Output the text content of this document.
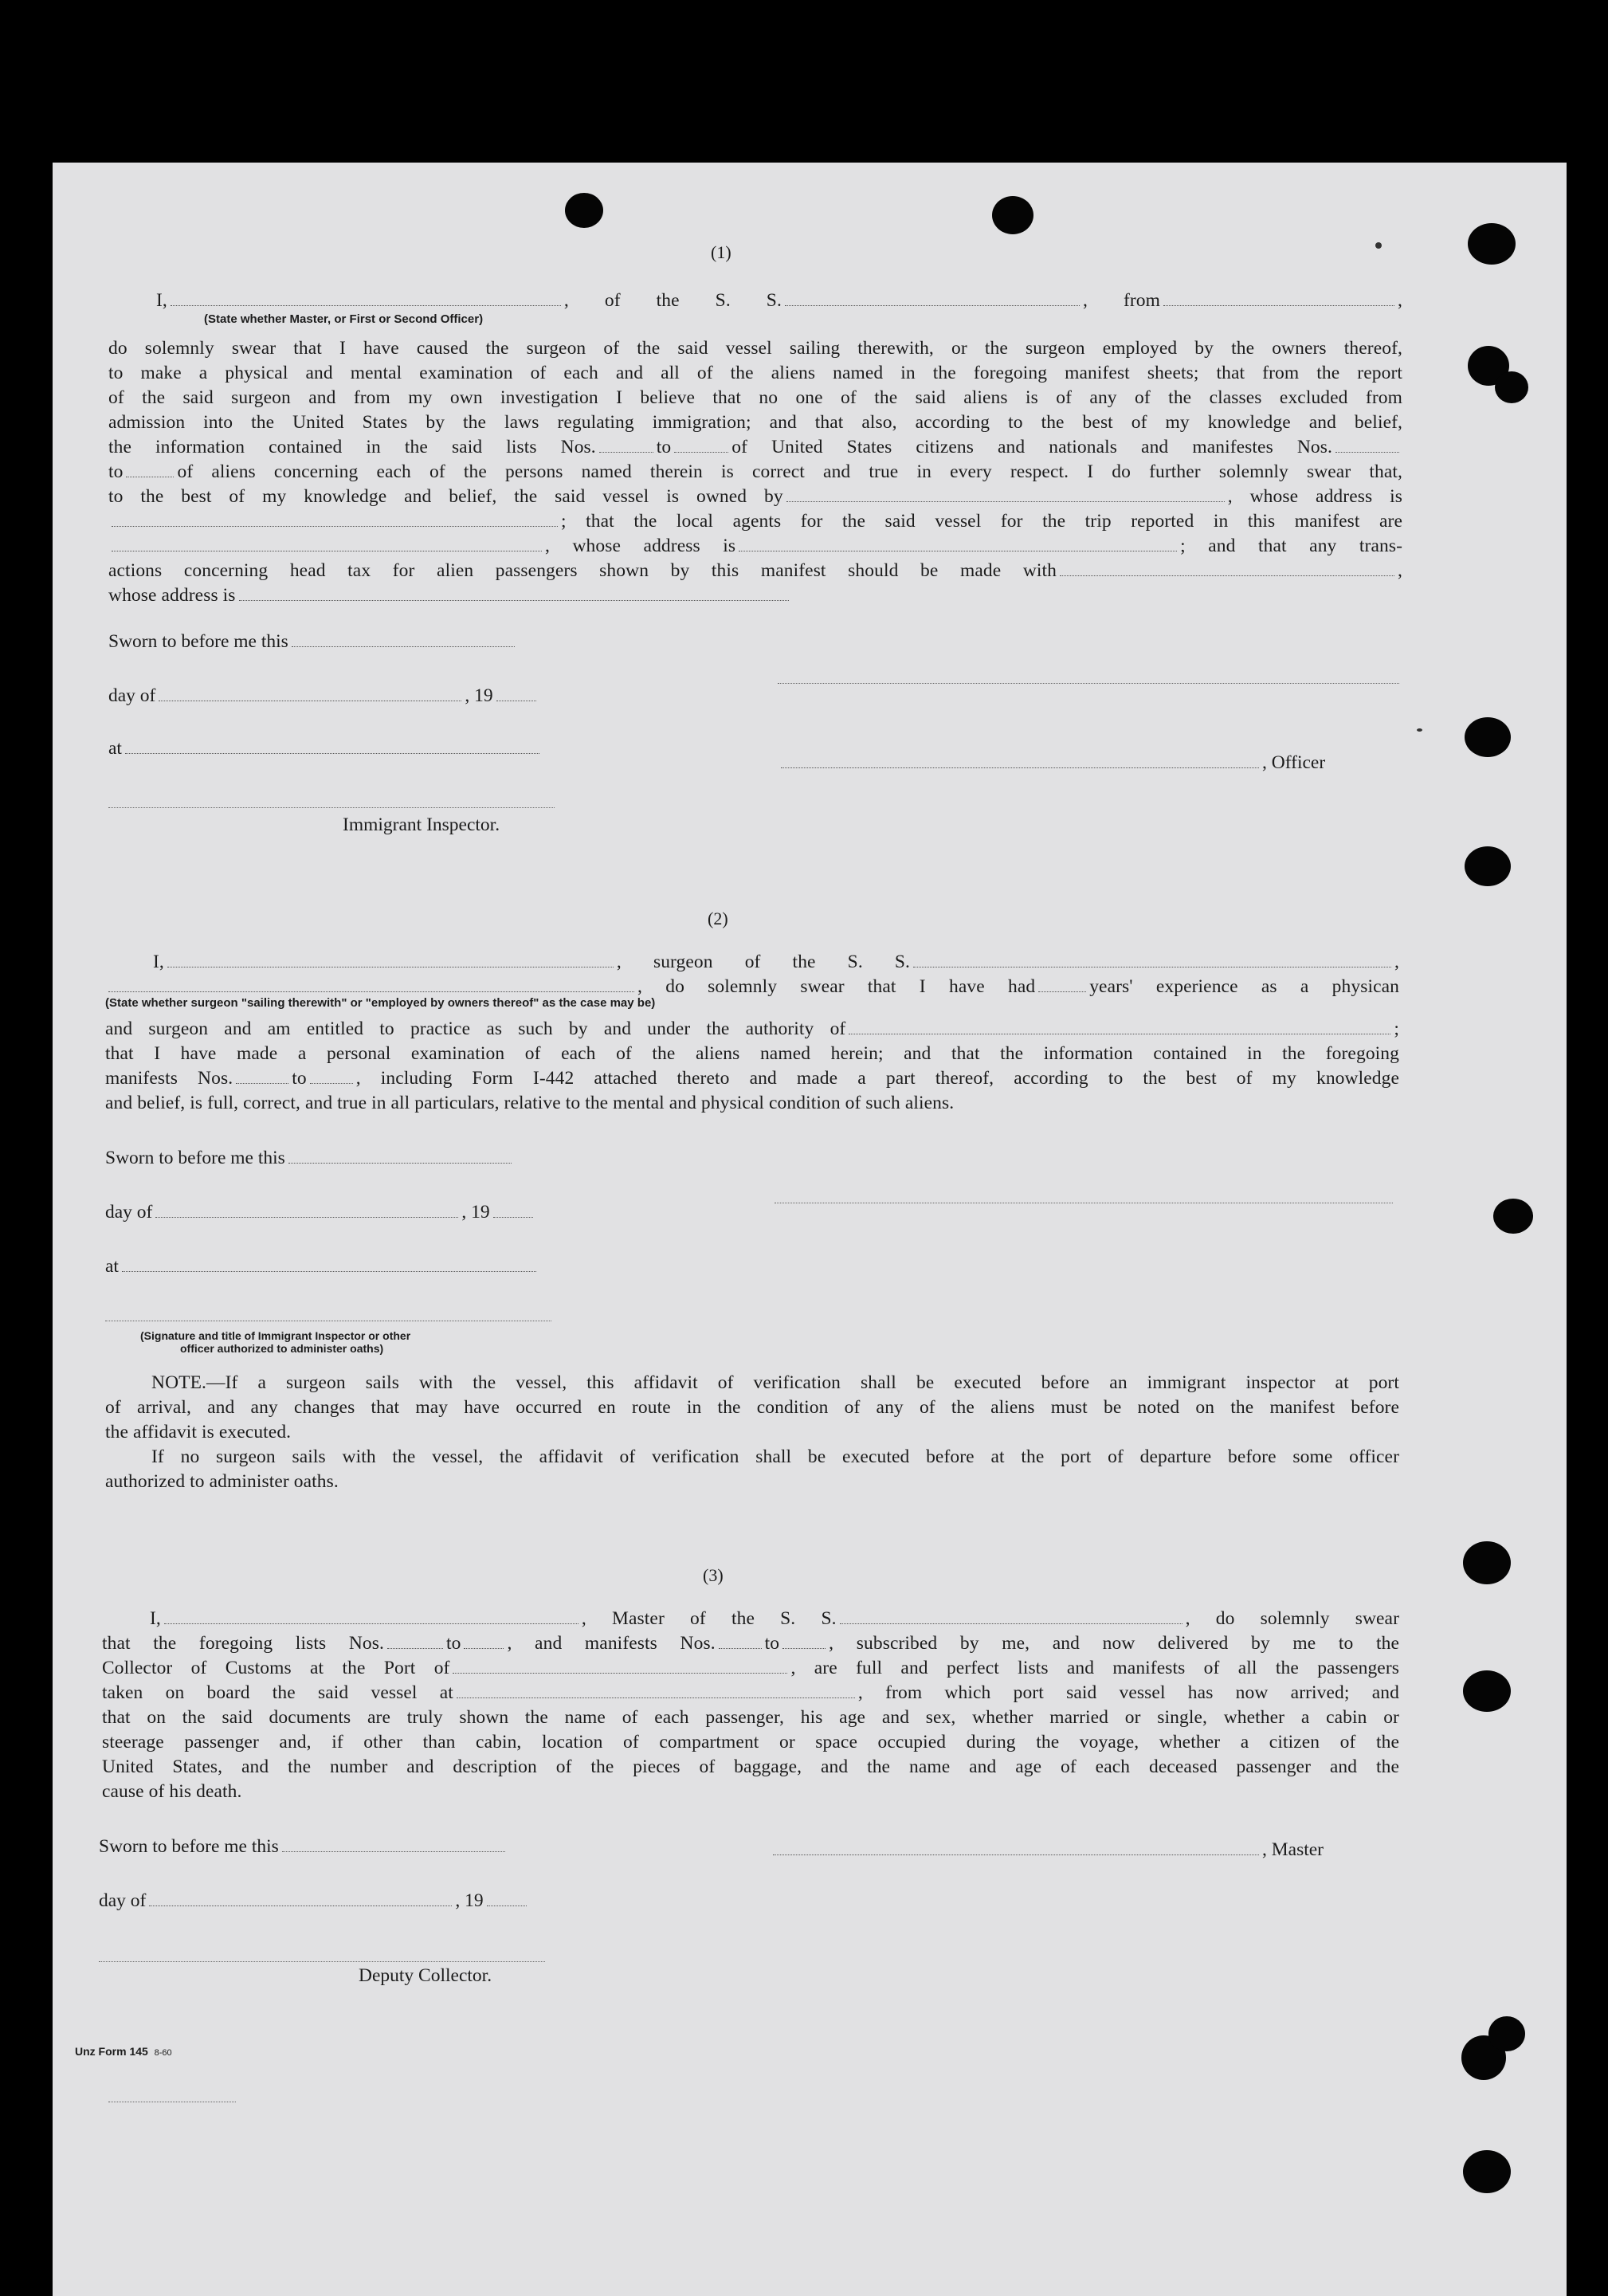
(1)
I,	, of the S. S.	, from	,
(State whether Master, or First or Second Officer)
do solemnly swear that I have caused the surgeon of the said vessel sailing therewith, or the surgeon employed by the owners thereof,
to make a physical and mental examination of each and all of the aliens named in the foregoing manifest sheets; that from the report
of the said surgeon and from my own investigation I believe that no one of the said aliens is of any of the classes excluded from
admission into the United States by the laws regulating immigration; and that also, according to the best of my knowledge and belief,
the information contained in the said lists Nos.	to	of United States citizens and nationals and manifestes Nos.
to	of aliens concerning each of the persons named therein is correct and true in every respect. I do further solemnly swear that,
to the best of my knowledge and belief, the said vessel is owned by	, whose address is
; that the local agents for the said vessel for the trip reported in this manifest are
, whose address is	; and that any trans-
actions concerning head tax for alien passengers shown by this manifest should be made with	,
whose address is
Sworn to before me this
day of	, 19
at
, Officer
Immigrant Inspector.
(2)
I,	, surgeon of the S. S.	,
, do solemnly swear that I have had	years' experience as a physican
(State whether surgeon "sailing therewith" or "employed by owners thereof" as the case may be)
and surgeon and am entitled to practice as such by and under the authority of	;
that I have made a personal examination of each of the aliens named herein; and that the information contained in the foregoing
manifests Nos.	to	, including Form I-442 attached thereto and made a part thereof, according to the best of my knowledge
and belief, is full, correct, and true in all particulars, relative to the mental and physical condition of such aliens.
Sworn to before me this
day of	, 19
at
(Signature and title of Immigrant Inspector or other
officer authorized to administer oaths)
NOTE.—If a surgeon sails with the vessel, this affidavit of verification shall be executed before an immigrant inspector at port
of arrival, and any changes that may have occurred en route in the condition of any of the aliens must be noted on the manifest before
the affidavit is executed.
If no surgeon sails with the vessel, the affidavit of verification shall be executed before at the port of departure before some officer
authorized to administer oaths.
(3)
I,	, Master of the S. S.	, do solemnly swear
that the foregoing lists Nos.	to , and manifests Nos.	to	, subscribed by me, and now delivered by me to the
Collector of Customs at the Port of	, are full and perfect lists and manifests of all the passengers
taken on board the said vessel at	, from which port said vessel has now arrived; and
that on the said documents are truly shown the name of each passenger, his age and sex, whether married or single, whether a cabin or
steerage passenger and, if other than cabin, location of compartment or space occupied during the voyage, whether a citizen of the
United States, and the number and description of the pieces of baggage, and the name and age of each deceased passenger and the
cause of his death.
Sworn to before me this	, Master
day of	, 19
Deputy Collector.
Unz Form 145 8-60
